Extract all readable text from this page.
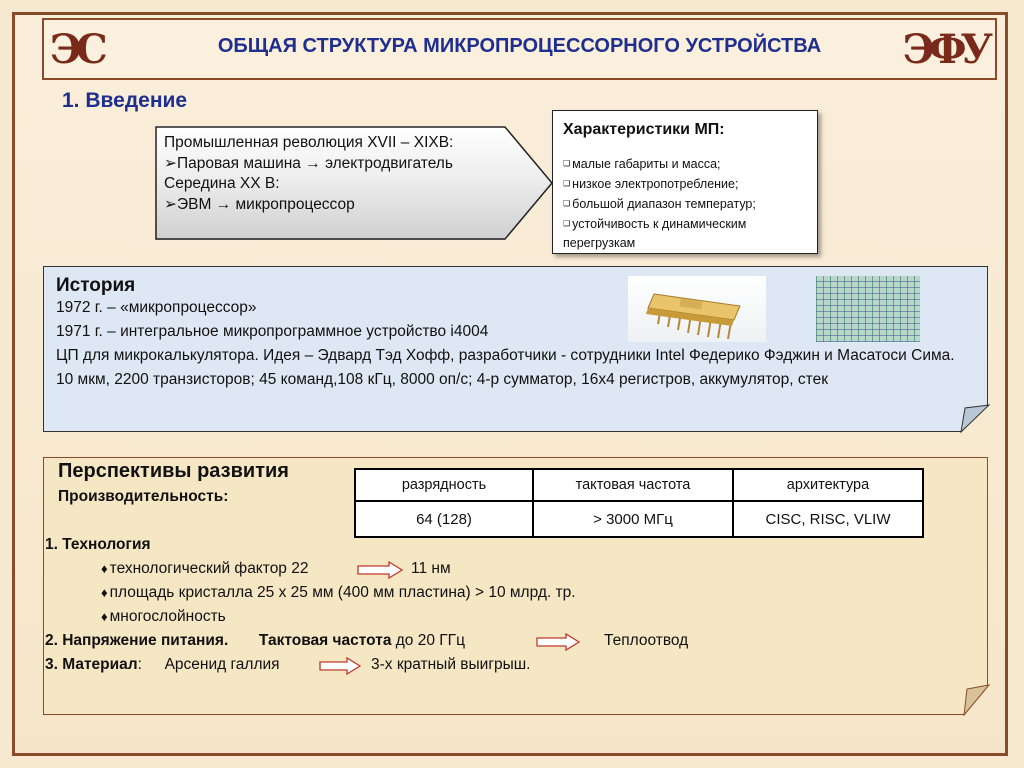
ЭС	ОБЩАЯ СТРУКТУРА МИКРОПРОЦЕССОРНОГО УСТРОЙСТВА	ЭФУ
1. Введение
Промышленная революция XVII – XIXВ:
➢Паровая машина → электродвигатель
Середина XX В:
➢ЭВМ → микропроцессор
Характеристики МП:
❑ малые габариты и масса;
❑ низкое электропотребление;
❑ большой диапазон температур;
❑ устойчивость к динамическим перегрузкам
История
1972 г. – «микропроцессор»
1971 г. – интегральное микропрограммное устройство i4004
ЦП для микрокалькулятора. Идея – Эдвард Тэд Хофф, разработчики - сотрудники Intel Федерико Фэджин и Масатоси Сима.
10 мкм, 2200 транзисторов; 45 команд,108 кГц, 8000 оп/с; 4-р сумматор, 16х4 регистров, аккумулятор, стек
Перспективы развития
Производительность:
разрядность	тактовая частота	архитектура
64 (128)	> 3000 МГц	CISC, RISC, VLIW
1. Технология
♦ технологический фактор 22	11 нм
♦ площадь кристалла 25 х 25 мм (400 мм пластина) > 10 млрд. тр.
♦ многослойность
2. Напряжение питания. Тактовая частота до 20 ГГц	Теплоотвод
3. Материал:  Арсенид галлия	3-х кратный выигрыш.
